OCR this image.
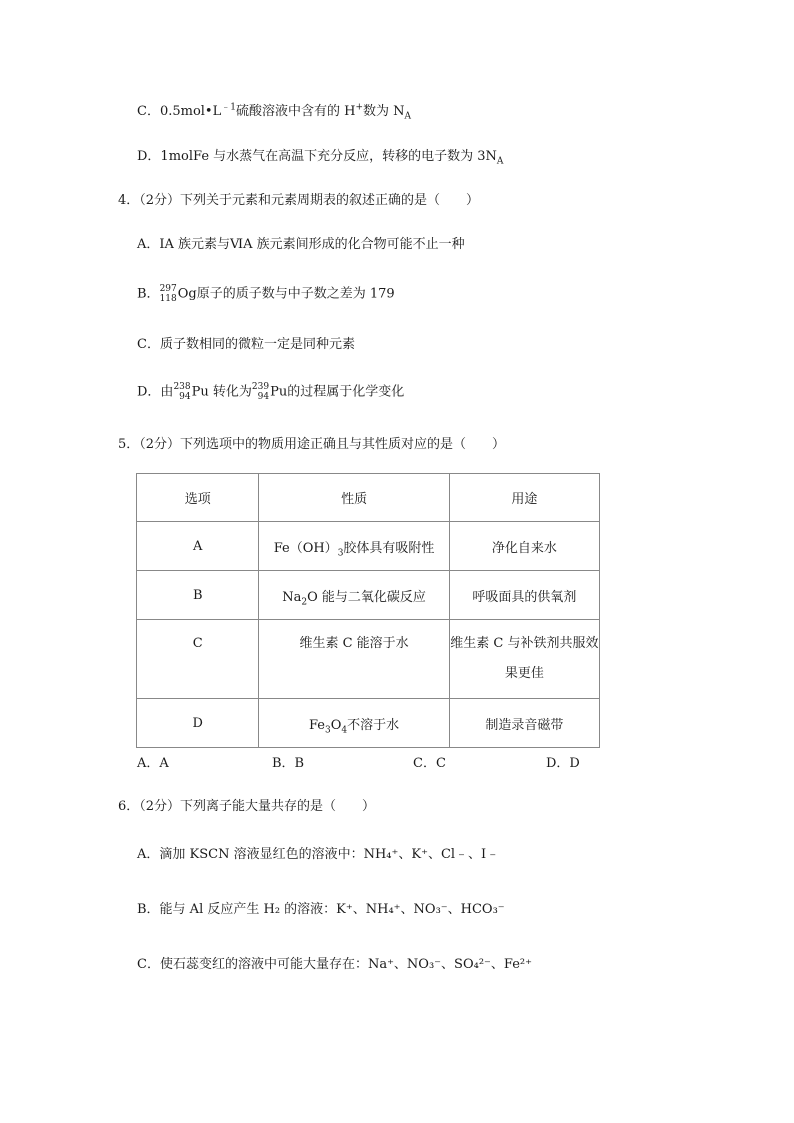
C．$0.5mol•L^{﹣1}$硫酸溶液中含有的 H+数为 $N_A$
D．1molFe 与水蒸气在高温下充分反应，转移的电子数为 $3N_A$
4．（2分）下列关于元素和元素周期表的叙述正确的是（　　）
A．ⅠA 族元素与ⅥA 族元素间形成的化合物可能不止一种
B． 297
118 Og原子的质子数与中子数之差为 179
C．质子数相同的微粒一定是同种元素
D．由 238
94 Pu 转化为 239
94 Pu的过程属于化学变化
5．（2分）下列选项中的物质用途正确且与其性质对应的是（　　）
选项	性质	用途
A	$Fe(OH)_3$胶体具有吸附性	净化自来水
B	$Na_2O$ 能与二氧化碳反应	呼吸面具的供氧剂

C	维生素 C 能溶于水	维生素 C 与补铁剂共服效果更佳

D	$Fe_3O_4$不溶于水	制造录音磁带
A．A	B．B	C．C	D．D
6．（2分）下列离子能大量共存的是（　　）
A．滴加 KSCN 溶液显红色的溶液中：NH₄⁺、K⁺、Cl﹣、I﹣
B．能与 Al 反应产生 H₂ 的溶液：K⁺、NH₄⁺、NO₃⁻、HCO₃⁻
C．使石蕊变红的溶液中可能大量存在：Na⁺、NO₃⁻、SO₄²⁻、Fe²⁺
